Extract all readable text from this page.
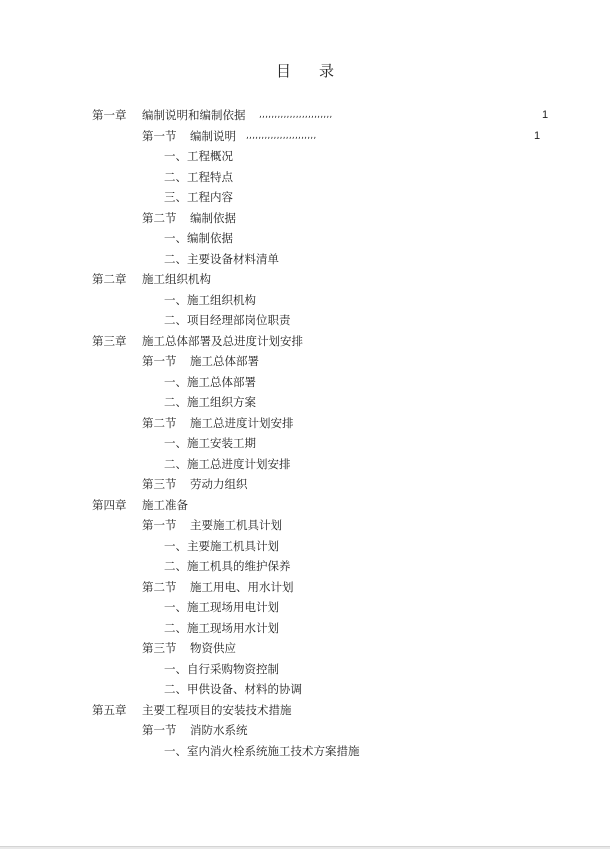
目 录
第一章 编制说明和编制依据 ,,,,,,,,,,,,,,,,,,,,,,,,	1
第一节 编制说明 ,,,,,,,,,,,,,,,,,,,,,,,	1
一、工程概况
二、工程特点
三、工程内容
第二节 编制依据
一、编制依据
二、主要设备材料清单
第二章 施工组织机构
一、施工组织机构
二、项目经理部岗位职责
第三章 施工总体部署及总进度计划安排
第一节 施工总体部署
一、施工总体部署
二、施工组织方案
第二节 施工总进度计划安排
一、施工安装工期
二、施工总进度计划安排
第三节 劳动力组织
第四章 施工准备
第一节 主要施工机具计划
一、主要施工机具计划
二、施工机具的维护保养
第二节 施工用电、用水计划
一、施工现场用电计划
二、施工现场用水计划
第三节 物资供应
一、自行采购物资控制
二、甲供设备、材料的协调
第五章 主要工程项目的安装技术措施
第一节 消防水系统
一、室内消火栓系统施工技术方案措施
